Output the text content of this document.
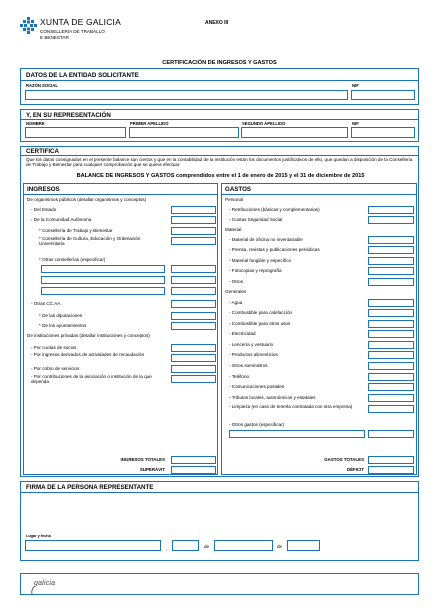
XUNTA DE GALICIA
CONSELLERÍA DE TRABALLO
E BENESTAR
ANEXO III
CERTIFICACIÓN DE INGRESOS Y GASTOS
DATOS DE LA ENTIDAD SOLICITANTE
RAZÓN SOCIAL	NIF
Y, EN SU REPRESENTACIÓN
NOMBRE	PRIMER APELLIDO	SEGUNDO APELLIDO	NIF
CERTIFICA
Que los datos consignados en el presente balance son ciertos y que en la contabilidad de la institución están los documentos justificativos de ello, que quedan a disposición de la Consellería de Trabajo y Bienestar para cualquier comprobación que se quiera efectuar.
BALANCE DE INGRESOS Y GASTOS comprendidos entre el 1 de enero de 2015 y el 31 de diciembre de 2015
INGRESOS
De organismos públicos (detallar organismos y conceptos)
- Del Estado
- De la Comunidad Autónoma
* Consellería de Trabajo y Bienestar
* Consellería de Cultura, Educación y Ordenación Universitaria
* Otras consellerías (especificar)
- Otras CC.AA.
* De las diputaciones
* De los ayuntamientos
De instituciones privadas (detallar instituciones y conceptos)
- Por cuotas de socios
- Por ingresos derivados de actividades de recaudación
- Por cobro de servicios
- Por contribuciones de la asociación o institución de la que dependa
INGRESOS TOTALES
SUPERÁVIT
GASTOS
Personal
- Retribuciones (básicas y complementarias)
- Cuotas Seguridad Social
Material
- Material de oficina no inventariable
- Prensa, revistas y publicaciones periódicas
- Material fungible y específico
- Fotocopias y reprografía
- Otros
Generales
- Agua
- Combustible para calefacción
- Combustible para otros usos
- Electricidad
- Lencería y vestuario
- Productos alimenticios
- Otros suministros
- Teléfono
- Comunicaciones postales
- Tributos locales, autonómicos y estatales
- Limpieza (en caso de tenerla contratada con otra empresa)
- Otros gastos (especificar)
GASTOS TOTALES
DÉFICIT
FIRMA DE LA PERSONA REPRESENTANTE
Lugar y fecha
,	de	de
galicia
